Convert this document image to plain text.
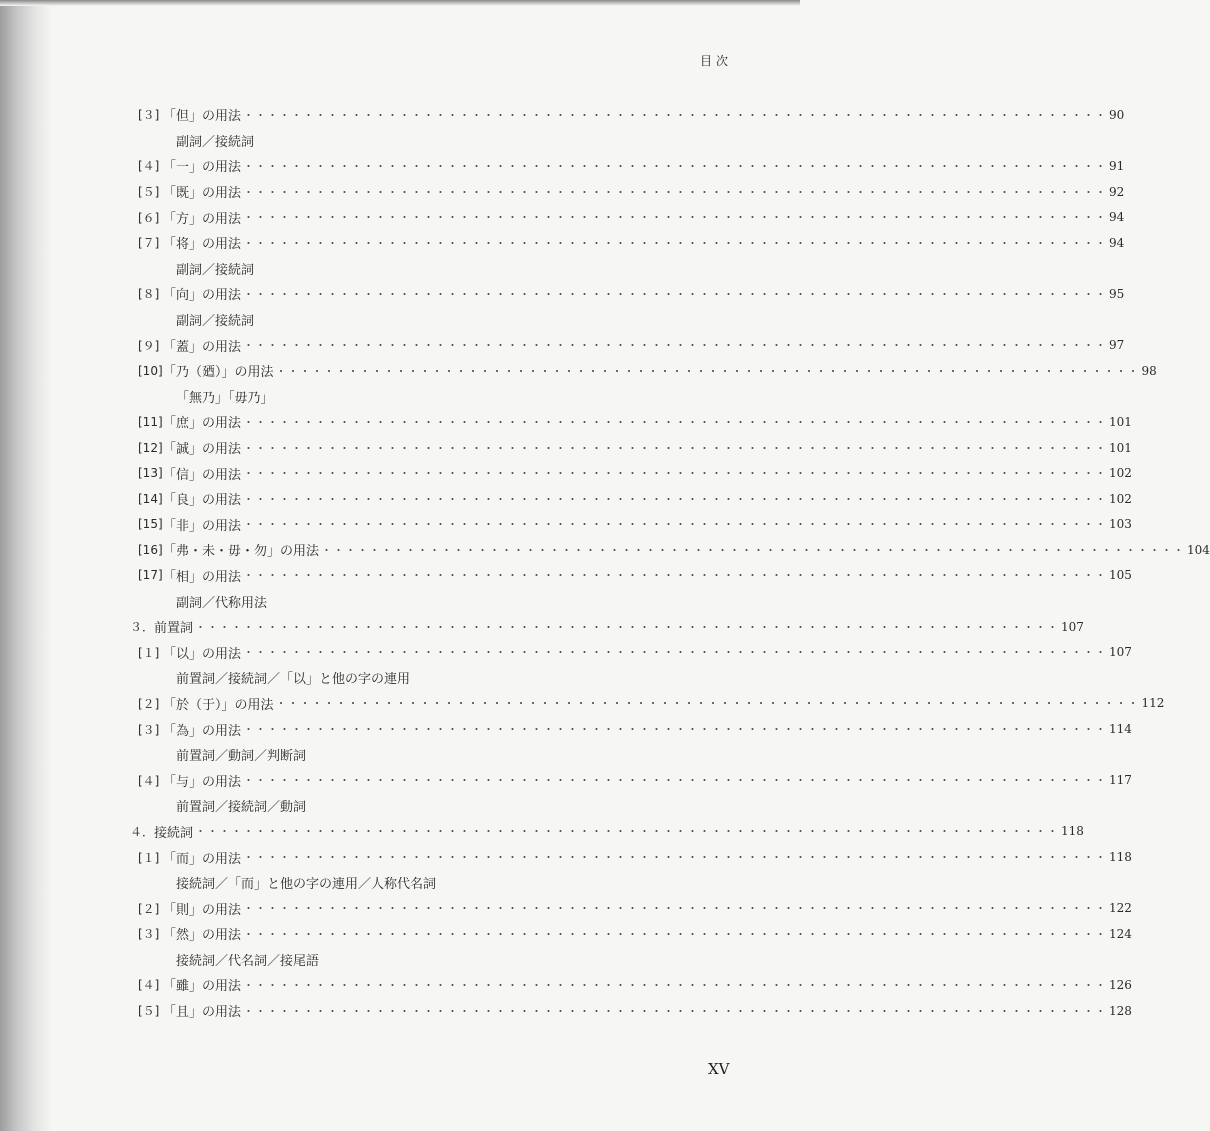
目次
[３] 「但」の用法 ・・・・・・・・・・・・・・・・・・・・・・・・・・・・・・・・・・・・・・・・・・・・・・・・・・・・・・・・・・・・・・・・・・・・・・・・ 90
副詞／接続詞
[４] 「一」の用法 ・・・・・・・・・・・・・・・・・・・・・・・・・・・・・・・・・・・・・・・・・・・・・・・・・・・・・・・・・・・・・・・・・・・・・・・・ 91
[５] 「既」の用法 ・・・・・・・・・・・・・・・・・・・・・・・・・・・・・・・・・・・・・・・・・・・・・・・・・・・・・・・・・・・・・・・・・・・・・・・・ 92
[６] 「方」の用法 ・・・・・・・・・・・・・・・・・・・・・・・・・・・・・・・・・・・・・・・・・・・・・・・・・・・・・・・・・・・・・・・・・・・・・・・・ 94
[７] 「将」の用法 ・・・・・・・・・・・・・・・・・・・・・・・・・・・・・・・・・・・・・・・・・・・・・・・・・・・・・・・・・・・・・・・・・・・・・・・・ 94
副詞／接続詞
[８] 「向」の用法 ・・・・・・・・・・・・・・・・・・・・・・・・・・・・・・・・・・・・・・・・・・・・・・・・・・・・・・・・・・・・・・・・・・・・・・・・ 95
副詞／接続詞
[９] 「蓋」の用法 ・・・・・・・・・・・・・・・・・・・・・・・・・・・・・・・・・・・・・・・・・・・・・・・・・・・・・・・・・・・・・・・・・・・・・・・・ 97
[10] 「乃（廼）」の用法 ・・・・・・・・・・・・・・・・・・・・・・・・・・・・・・・・・・・・・・・・・・・・・・・・・・・・・・・・・・・・・・・・・・・・・・・・ 98
「無乃」「毋乃」
[11] 「庶」の用法 ・・・・・・・・・・・・・・・・・・・・・・・・・・・・・・・・・・・・・・・・・・・・・・・・・・・・・・・・・・・・・・・・・・・・・・・・ 101
[12] 「誠」の用法 ・・・・・・・・・・・・・・・・・・・・・・・・・・・・・・・・・・・・・・・・・・・・・・・・・・・・・・・・・・・・・・・・・・・・・・・・ 101
[13] 「信」の用法 ・・・・・・・・・・・・・・・・・・・・・・・・・・・・・・・・・・・・・・・・・・・・・・・・・・・・・・・・・・・・・・・・・・・・・・・・ 102
[14] 「良」の用法 ・・・・・・・・・・・・・・・・・・・・・・・・・・・・・・・・・・・・・・・・・・・・・・・・・・・・・・・・・・・・・・・・・・・・・・・・ 102
[15] 「非」の用法 ・・・・・・・・・・・・・・・・・・・・・・・・・・・・・・・・・・・・・・・・・・・・・・・・・・・・・・・・・・・・・・・・・・・・・・・・ 103
[16] 「弗・未・毋・勿」の用法 ・・・・・・・・・・・・・・・・・・・・・・・・・・・・・・・・・・・・・・・・・・・・・・・・・・・・・・・・・・・・・・・・・・・・・・・・ 104
[17] 「相」の用法 ・・・・・・・・・・・・・・・・・・・・・・・・・・・・・・・・・・・・・・・・・・・・・・・・・・・・・・・・・・・・・・・・・・・・・・・・ 105
副詞／代称用法
３． 前置詞 ・・・・・・・・・・・・・・・・・・・・・・・・・・・・・・・・・・・・・・・・・・・・・・・・・・・・・・・・・・・・・・・・・・・・・・・・ 107
[１] 「以」の用法 ・・・・・・・・・・・・・・・・・・・・・・・・・・・・・・・・・・・・・・・・・・・・・・・・・・・・・・・・・・・・・・・・・・・・・・・・ 107
前置詞／接続詞／「以」と他の字の連用
[２] 「於（于）」の用法 ・・・・・・・・・・・・・・・・・・・・・・・・・・・・・・・・・・・・・・・・・・・・・・・・・・・・・・・・・・・・・・・・・・・・・・・・ 112
[３] 「為」の用法 ・・・・・・・・・・・・・・・・・・・・・・・・・・・・・・・・・・・・・・・・・・・・・・・・・・・・・・・・・・・・・・・・・・・・・・・・ 114
前置詞／動詞／判断詞
[４] 「与」の用法 ・・・・・・・・・・・・・・・・・・・・・・・・・・・・・・・・・・・・・・・・・・・・・・・・・・・・・・・・・・・・・・・・・・・・・・・・ 117
前置詞／接続詞／動詞
４． 接続詞 ・・・・・・・・・・・・・・・・・・・・・・・・・・・・・・・・・・・・・・・・・・・・・・・・・・・・・・・・・・・・・・・・・・・・・・・・ 118
[１] 「而」の用法 ・・・・・・・・・・・・・・・・・・・・・・・・・・・・・・・・・・・・・・・・・・・・・・・・・・・・・・・・・・・・・・・・・・・・・・・・ 118
接続詞／「而」と他の字の連用／人称代名詞
[２] 「則」の用法 ・・・・・・・・・・・・・・・・・・・・・・・・・・・・・・・・・・・・・・・・・・・・・・・・・・・・・・・・・・・・・・・・・・・・・・・・ 122
[３] 「然」の用法 ・・・・・・・・・・・・・・・・・・・・・・・・・・・・・・・・・・・・・・・・・・・・・・・・・・・・・・・・・・・・・・・・・・・・・・・・ 124
接続詞／代名詞／接尾語
[４] 「雖」の用法 ・・・・・・・・・・・・・・・・・・・・・・・・・・・・・・・・・・・・・・・・・・・・・・・・・・・・・・・・・・・・・・・・・・・・・・・・ 126
[５] 「且」の用法 ・・・・・・・・・・・・・・・・・・・・・・・・・・・・・・・・・・・・・・・・・・・・・・・・・・・・・・・・・・・・・・・・・・・・・・・・ 128
XV
